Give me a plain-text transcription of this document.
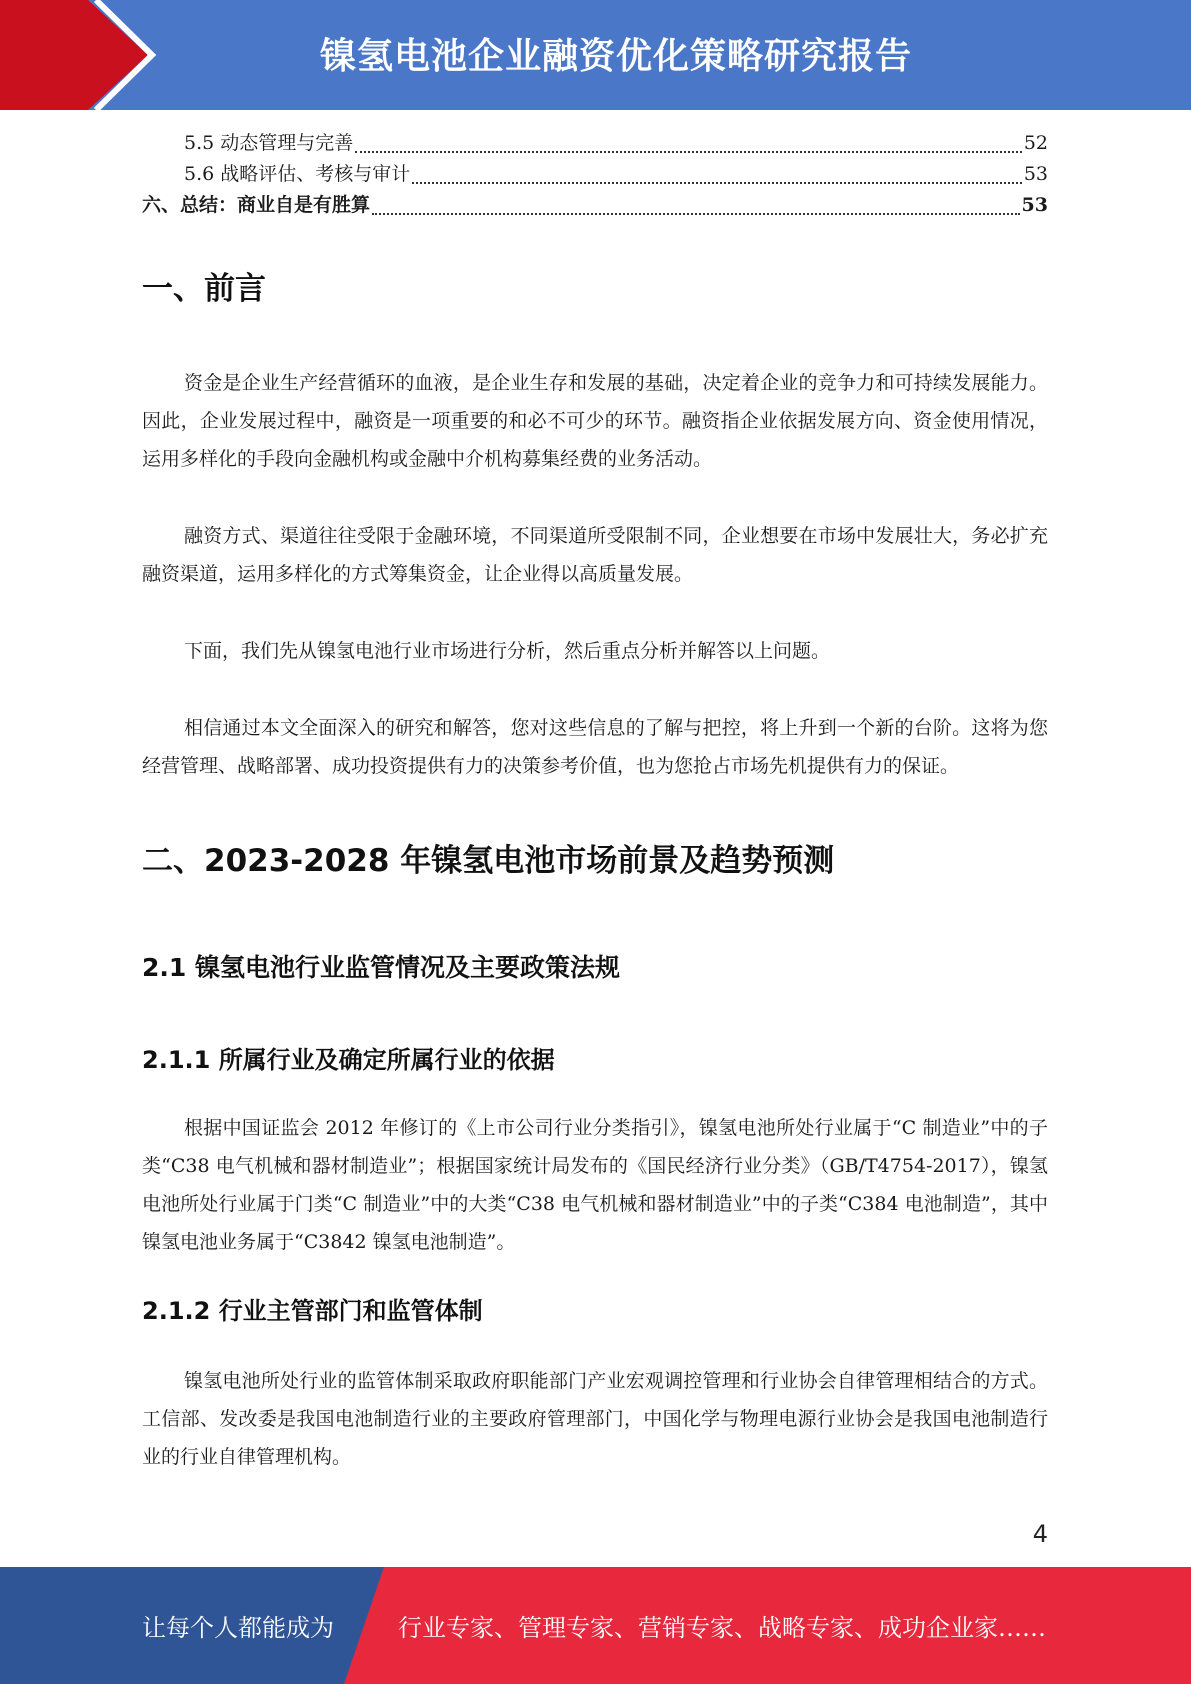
镍氢电池企业融资优化策略研究报告
5.5 动态管理与完善	52
5.6 战略评估、考核与审计	53
六、总结：商业自是有胜算	53
一、前言

资金是企业生产经营循环的血液，是企业生存和发展的基础，决定着企业的竞争力和可持续发展能力。因此，企业发展过程中，融资是一项重要的和必不可少的环节。融资指企业依据发展方向、资金使用情况，运用多样化的手段向金融机构或金融中介机构募集经费的业务活动。

融资方式、渠道往往受限于金融环境，不同渠道所受限制不同，企业想要在市场中发展壮大，务必扩充融资渠道，运用多样化的方式筹集资金，让企业得以高质量发展。

下面，我们先从镍氢电池行业市场进行分析，然后重点分析并解答以上问题。

相信通过本文全面深入的研究和解答，您对这些信息的了解与把控，将上升到一个新的台阶。这将为您经营管理、战略部署、成功投资提供有力的决策参考价值，也为您抢占市场先机提供有力的保证。

二、2023-2028 年镍氢电池市场前景及趋势预测
2.1 镍氢电池行业监管情况及主要政策法规
2.1.1 所属行业及确定所属行业的依据

根据中国证监会 2012 年修订的《上市公司行业分类指引》，镍氢电池所处行业属于“C 制造业”中的子类“C38 电气机械和器材制造业”；根据国家统计局发布的《国民经济行业分类》（GB/T4754-2017），镍氢电池所处行业属于门类“C 制造业”中的大类“C38 电气机械和器材制造业”中的子类“C384 电池制造”，其中镍氢电池业务属于“C3842 镍氢电池制造”。

2.1.2 行业主管部门和监管体制

镍氢电池所处行业的监管体制采取政府职能部门产业宏观调控管理和行业协会自律管理相结合的方式。工信部、发改委是我国电池制造行业的主要政府管理部门，中国化学与物理电源行业协会是我国电池制造行业的行业自律管理机构。

4
让每个人都能成为	行业专家、管理专家、营销专家、战略专家、成功企业家……
